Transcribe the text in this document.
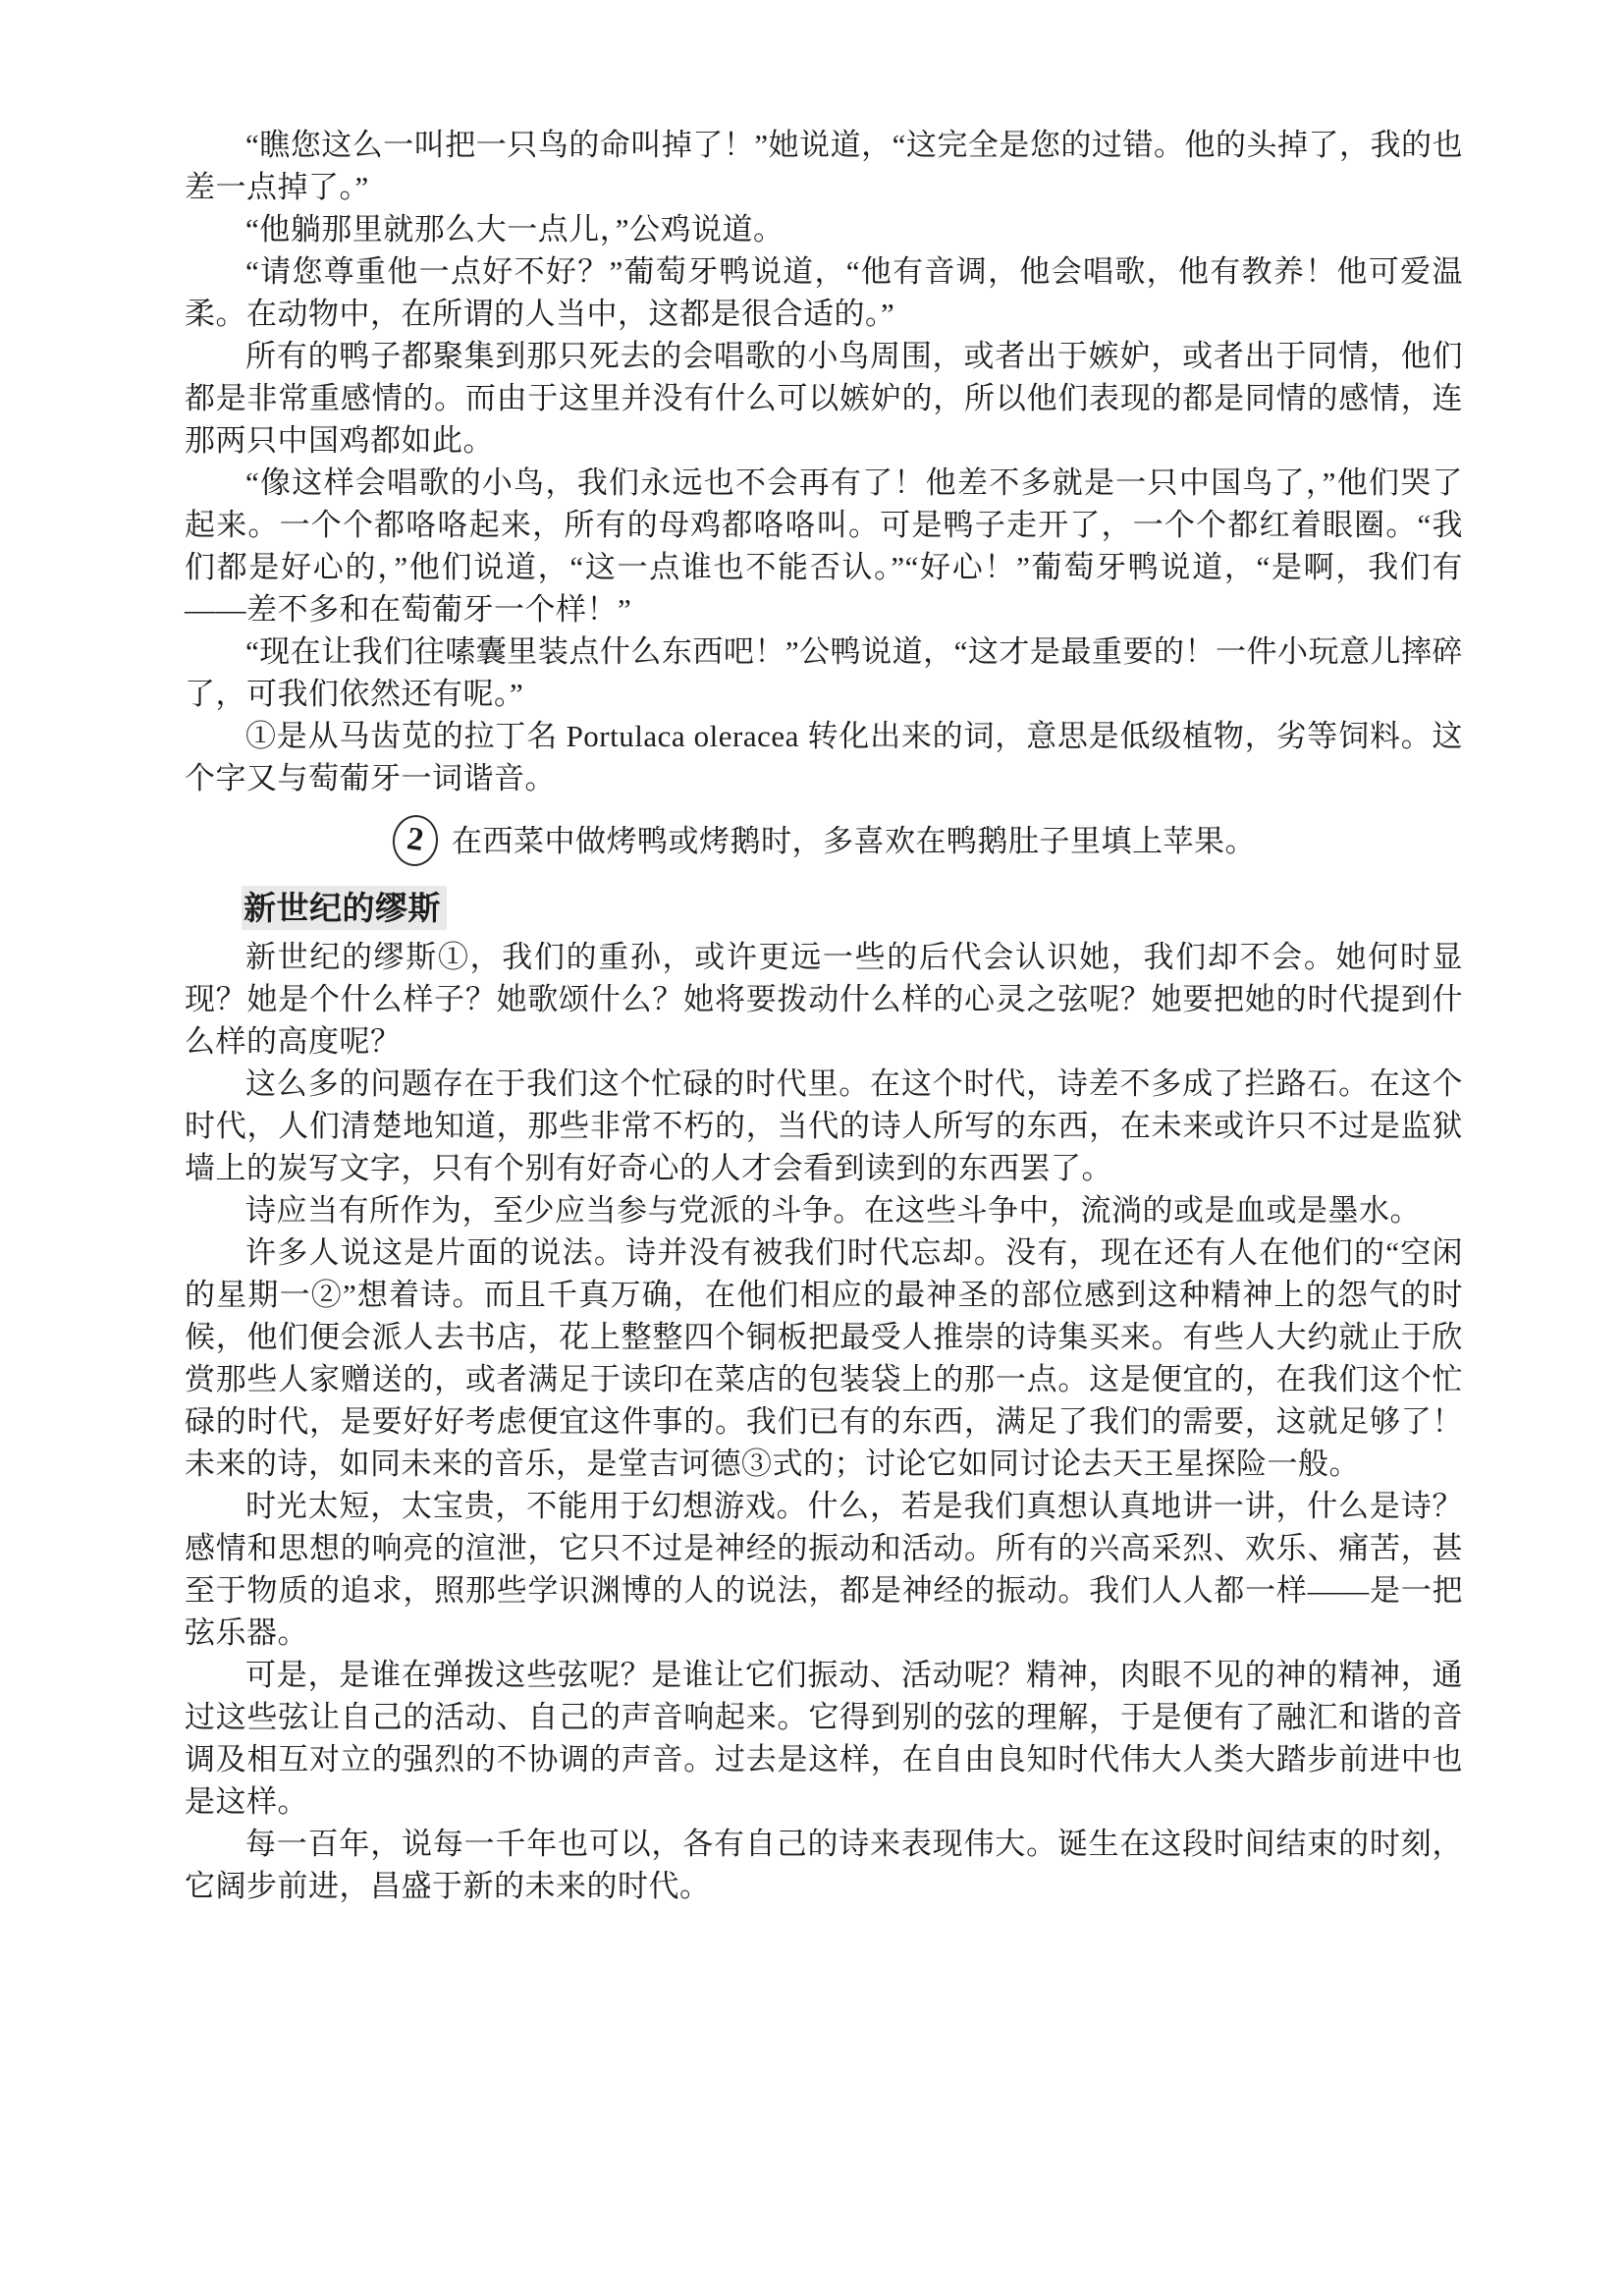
“瞧您这么一叫把一只鸟的命叫掉了！”她说道，“这完全是您的过错。他的头掉了，我的也差一点掉了。”

“他躺那里就那么大一点儿，”公鸡说道。

“请您尊重他一点好不好？”葡萄牙鸭说道，“他有音调，他会唱歌，他有教养！他可爱温柔。在动物中，在所谓的人当中，这都是很合适的。”

所有的鸭子都聚集到那只死去的会唱歌的小鸟周围，或者出于嫉妒，或者出于同情，他们都是非常重感情的。而由于这里并没有什么可以嫉妒的，所以他们表现的都是同情的感情，连那两只中国鸡都如此。

“像这样会唱歌的小鸟，我们永远也不会再有了！他差不多就是一只中国鸟了，”他们哭了起来。一个个都咯咯起来，所有的母鸡都咯咯叫。可是鸭子走开了，一个个都红着眼圈。“我们都是好心的，”他们说道，“这一点谁也不能否认。”“好心！”葡萄牙鸭说道，“是啊，我们有——差不多和在萄葡牙一个样！”

“现在让我们往嗉囊里装点什么东西吧！”公鸭说道，“这才是最重要的！一件小玩意儿摔碎了，可我们依然还有呢。”

①是从马齿苋的拉丁名 Portulaca oleracea 转化出来的词，意思是低级植物，劣等饲料。这个字又与萄葡牙一词谐音。

2 在西菜中做烤鸭或烤鹅时，多喜欢在鸭鹅肚子里填上苹果。
新世纪的缪斯

新世纪的缪斯①，我们的重孙，或许更远一些的后代会认识她，我们却不会。她何时显现？她是个什么样子？她歌颂什么？她将要拨动什么样的心灵之弦呢？她要把她的时代提到什么样的高度呢？

这么多的问题存在于我们这个忙碌的时代里。在这个时代，诗差不多成了拦路石。在这个时代，人们清楚地知道，那些非常不朽的，当代的诗人所写的东西，在未来或许只不过是监狱墙上的炭写文字，只有个别有好奇心的人才会看到读到的东西罢了。

诗应当有所作为，至少应当参与党派的斗争。在这些斗争中，流淌的或是血或是墨水。

许多人说这是片面的说法。诗并没有被我们时代忘却。没有，现在还有人在他们的“空闲的星期一②”想着诗。而且千真万确，在他们相应的最神圣的部位感到这种精神上的怨气的时候，他们便会派人去书店，花上整整四个铜板把最受人推崇的诗集买来。有些人大约就止于欣赏那些人家赠送的，或者满足于读印在菜店的包装袋上的那一点。这是便宜的，在我们这个忙碌的时代，是要好好考虑便宜这件事的。我们已有的东西，满足了我们的需要，这就足够了！未来的诗，如同未来的音乐，是堂吉诃德③式的；讨论它如同讨论去天王星探险一般。

时光太短，太宝贵，不能用于幻想游戏。什么，若是我们真想认真地讲一讲，什么是诗？感情和思想的响亮的渲泄，它只不过是神经的振动和活动。所有的兴高采烈、欢乐、痛苦，甚至于物质的追求，照那些学识渊博的人的说法，都是神经的振动。我们人人都一样——是一把弦乐器。

可是，是谁在弹拨这些弦呢？是谁让它们振动、活动呢？精神，肉眼不见的神的精神，通过这些弦让自己的活动、自己的声音响起来。它得到别的弦的理解，于是便有了融汇和谐的音调及相互对立的强烈的不协调的声音。过去是这样，在自由良知时代伟大人类大踏步前进中也是这样。

每一百年，说每一千年也可以，各有自己的诗来表现伟大。诞生在这段时间结束的时刻，它阔步前进，昌盛于新的未来的时代。
